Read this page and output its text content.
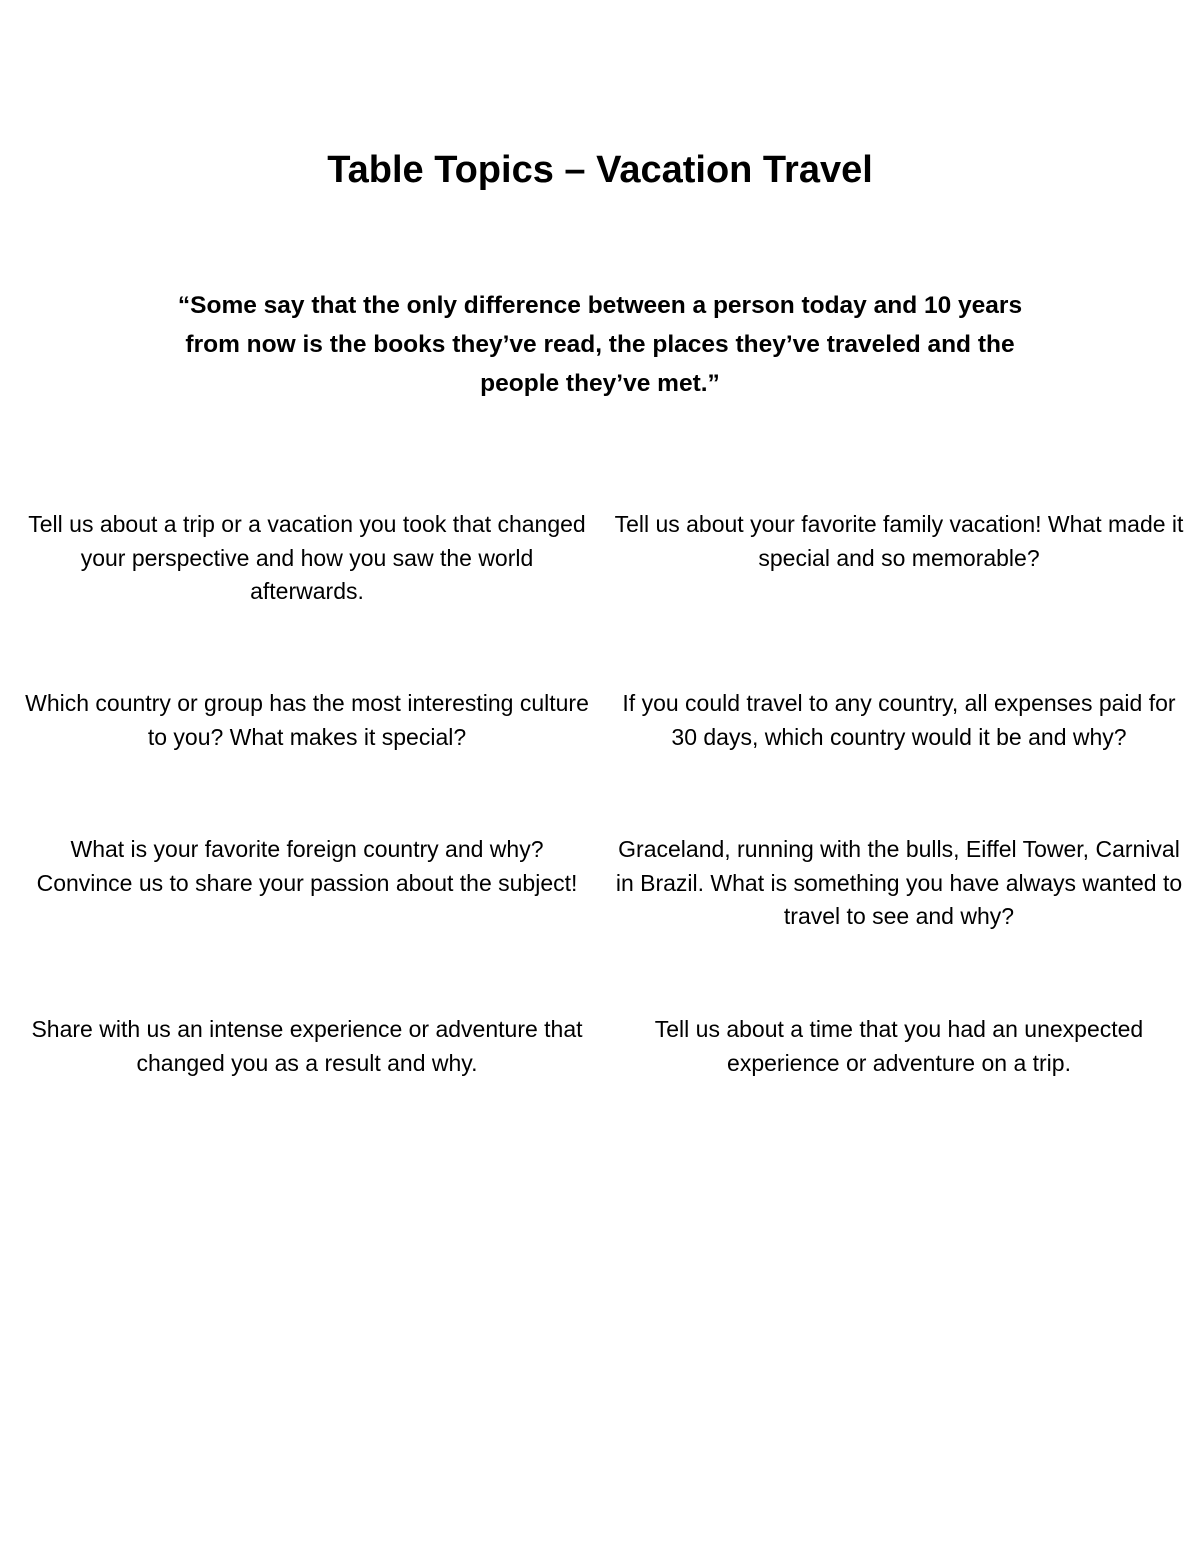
Table Topics – Vacation Travel
“Some say that the only difference between a person today and 10 years from now is the books they’ve read, the places they’ve traveled and the people they’ve met.”
Tell us about a trip or a vacation you took that changed your perspective and how you saw the world afterwards.
Tell us about your favorite family vacation! What made it special and so memorable?
Which country or group has the most interesting culture to you? What makes it special?
If you could travel to any country, all expenses paid for 30 days, which country would it be and why?
What is your favorite foreign country and why? Convince us to share your passion about the subject!
Graceland, running with the bulls, Eiffel Tower, Carnival in Brazil. What is something you have always wanted to travel to see and why?
Share with us an intense experience or adventure that changed you as a result and why.
Tell us about a time that you had an unexpected experience or adventure on a trip.
